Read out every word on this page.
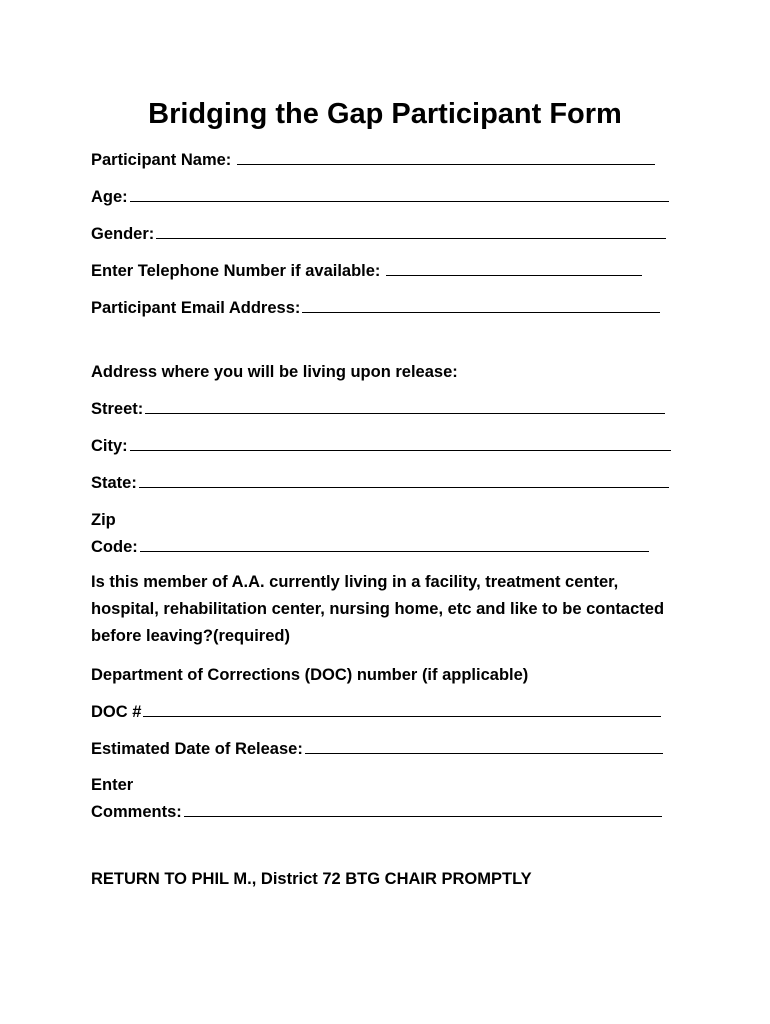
Bridging the Gap Participant Form
Participant Name:
Age:
Gender:
Enter Telephone Number if available:
Participant Email Address:
Address where you will be living upon release:
Street:
City:
State:
Zip
Code:
Is this member of A.A. currently living in a facility, treatment center, hospital, rehabilitation center, nursing home, etc and like to be contacted before leaving?(required)
Department of Corrections (DOC) number (if applicable)
DOC #
Estimated Date of Release:
Enter
Comments:
RETURN TO PHIL M., District 72 BTG CHAIR PROMPTLY
